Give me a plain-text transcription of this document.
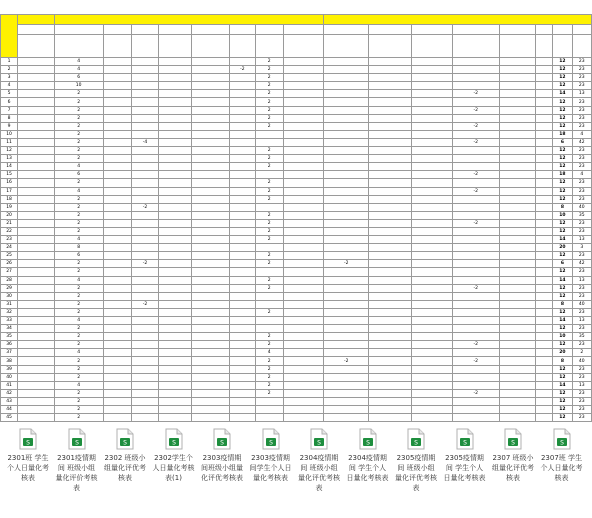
1		4						2								12	23
2		4					-2	2								12	23
3		6						2								12	23
4		10						2								12	23
5		2						2					-2			14	13
6		2						2								12	23
7		2						2					-2			12	23
8		2						2								12	23
9		2						2					-2			12	23
10		2														18	4
11		2		-4									-2			6	42
12		2						2								12	23
13		2						2								12	23
14		4						2								12	23
15		6											-2			18	4
16		2						2								12	23
17		4						2					-2			12	23
18		2						2								12	23
19		2		-2												8	40
20		2						2								10	35
21		2						2					-2			12	23
22		2						2								12	23
23		4						2								14	13
24		8														20	3
25		6						2								12	23
26		2		-2				2		-2						6	42
27		2														12	23
28		4						2								14	13
29		2						2					-2			12	23
30		2														12	23
31		2		-2												8	40
32		2						2								12	23
33		4														14	13
34		2														12	23
35		2						2								10	35
36		2						2					-2			12	23
37		4						4								20	2
38		2						2		-2			-2			8	40
39		2						2								12	23
40		2						2								12	23
41		4						2								14	13
42		2						2					-2			12	23
43		2														12	23
44		2														12	23
45		2														12	23

S
2301班 学生个人日量化考核表
S
2301疫情期间 班级小组量化评价考核表
S
2302 班级小组量化评优考核表
S
2302学生个人日量化考核表(1)
S
2303疫情期间班级小组量化评优考核表
S
2303疫情期间学生个人日量化考核表
S
2304疫情期间 班级小组量化评优考核表
S
2304疫情期间 学生个人日量化考核表
S
2305疫情期间 班级小组量化评优考核表
S
2305疫情期间 学生个人日量化考核表
S
2307 班级小组量化评优考核表
S
2307班 学生个人日量化考核表
